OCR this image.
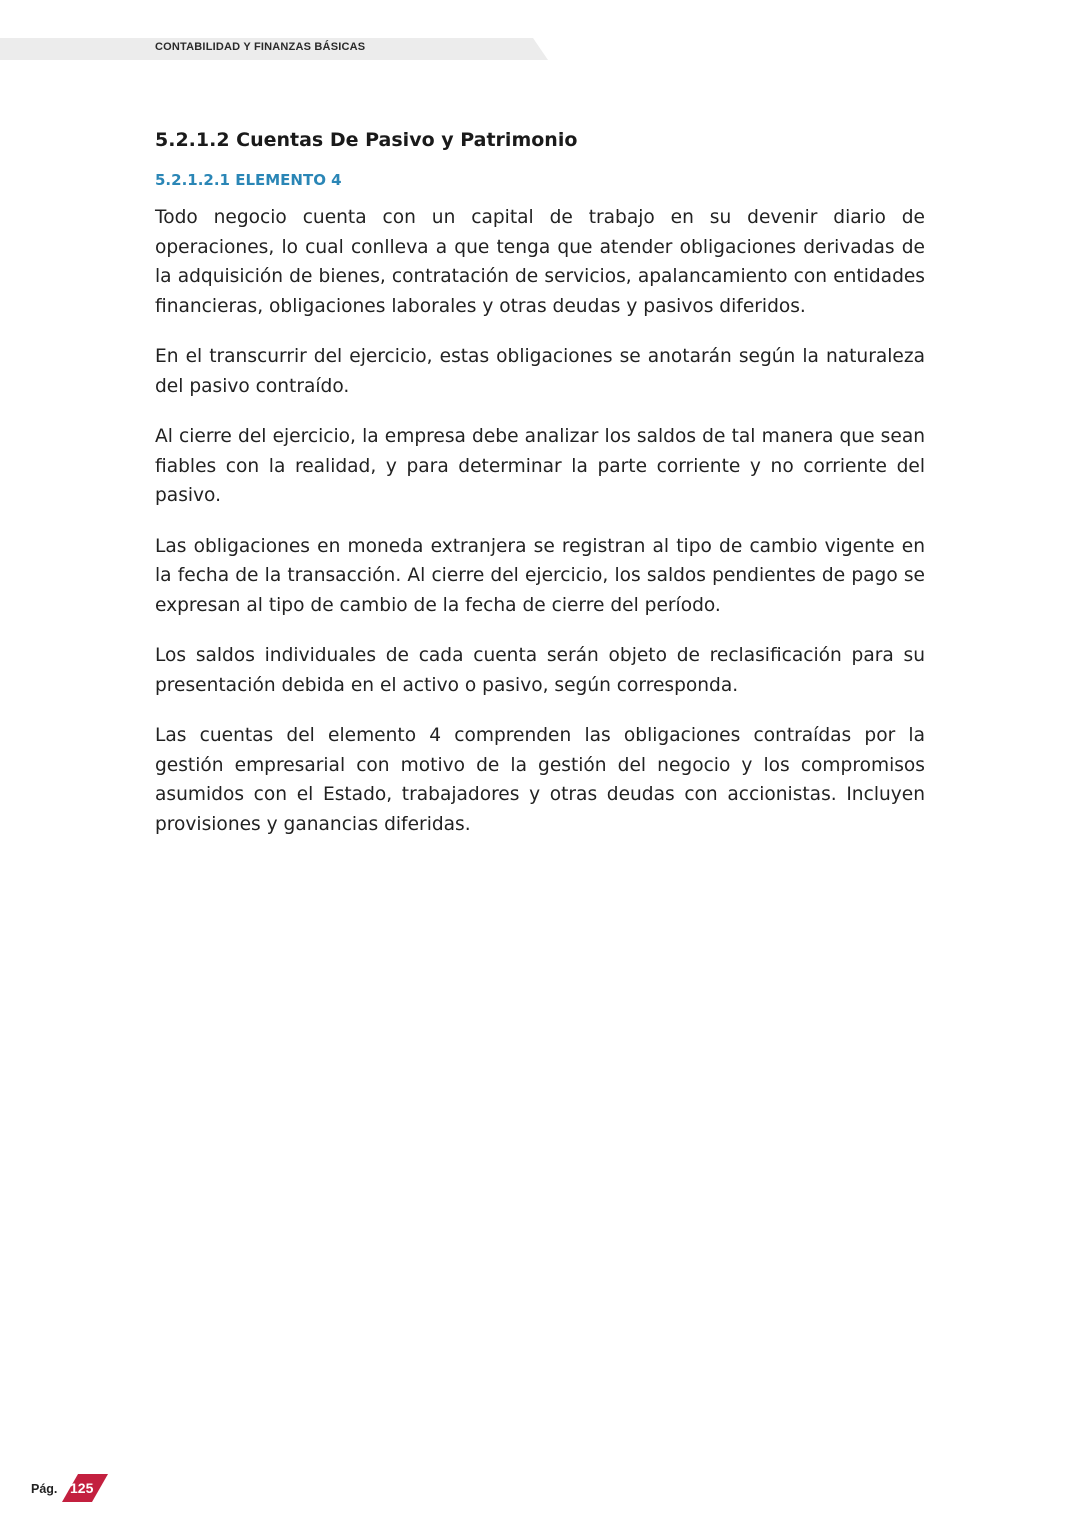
CONTABILIDAD Y FINANZAS BÁSICAS
5.2.1.2 Cuentas De Pasivo y Patrimonio
5.2.1.2.1 ELEMENTO 4

Todo negocio cuenta con un capital de trabajo en su devenir diario de operaciones, lo cual conlleva a que tenga que atender obligaciones derivadas de la adquisición de bienes, contratación de servicios, apalancamiento con entidades financieras, obligaciones laborales y otras deudas y pasivos diferidos.

En el transcurrir del ejercicio, estas obligaciones se anotarán según la naturaleza del pasivo contraído.

Al cierre del ejercicio, la empresa debe analizar los saldos de tal manera que sean fiables con la realidad, y para determinar la parte corriente y no corriente del pasivo.

Las obligaciones en moneda extranjera se registran al tipo de cambio vigente en la fecha de la transacción. Al cierre del ejercicio, los saldos pendientes de pago se expresan al tipo de cambio de la fecha de cierre del período.

Los saldos individuales de cada cuenta serán objeto de reclasificación para su presentación debida en el activo o pasivo, según corresponda.

Las cuentas del elemento 4 comprenden las obligaciones contraídas por la gestión empresarial con motivo de la gestión del negocio y los compromisos asumidos con el Estado, trabajadores y otras deudas con accionistas. Incluyen provisiones y ganancias diferidas.

Pág. 125
